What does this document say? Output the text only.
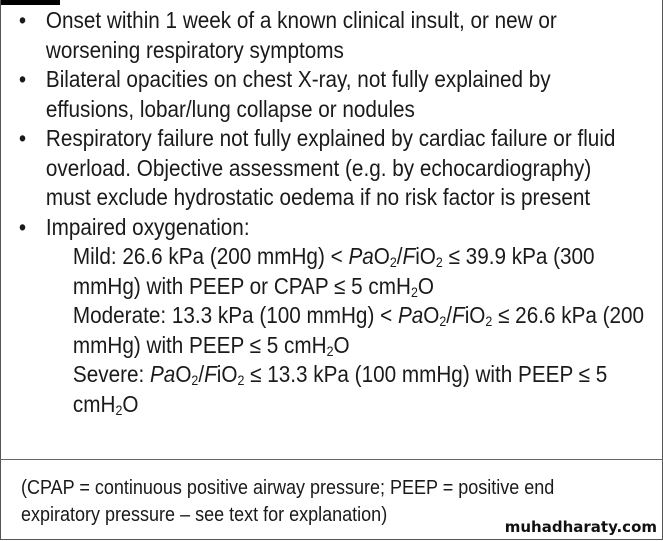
• Onset within 1 week of a known clinical insult, or new or worsening respiratory symptoms
• Bilateral opacities on chest X-ray, not fully explained by effusions, lobar/lung collapse or nodules
• Respiratory failure not fully explained by cardiac failure or fluid overload. Objective assessment (e.g. by echocardiography) must exclude hydrostatic oedema if no risk factor is present
• Impaired oxygenation:
Mild: 26.6 kPa (200 mmHg) < PaO$_2$/FiO$_2$ ≤ 39.9 kPa (300 mmHg) with PEEP or CPAP ≤ 5 cmH$_2$O
Moderate: 13.3 kPa (100 mmHg) < PaO$_2$/FiO$_2$ ≤ 26.6 kPa (200 mmHg) with PEEP ≤ 5 cmH$_2$O
Severe: PaO$_2$/FiO$_2$ ≤ 13.3 kPa (100 mmHg) with PEEP ≤ 5 cmH$_2$O
(CPAP = continuous positive airway pressure; PEEP = positive end expiratory pressure – see text for explanation)
muhadharaty.com
